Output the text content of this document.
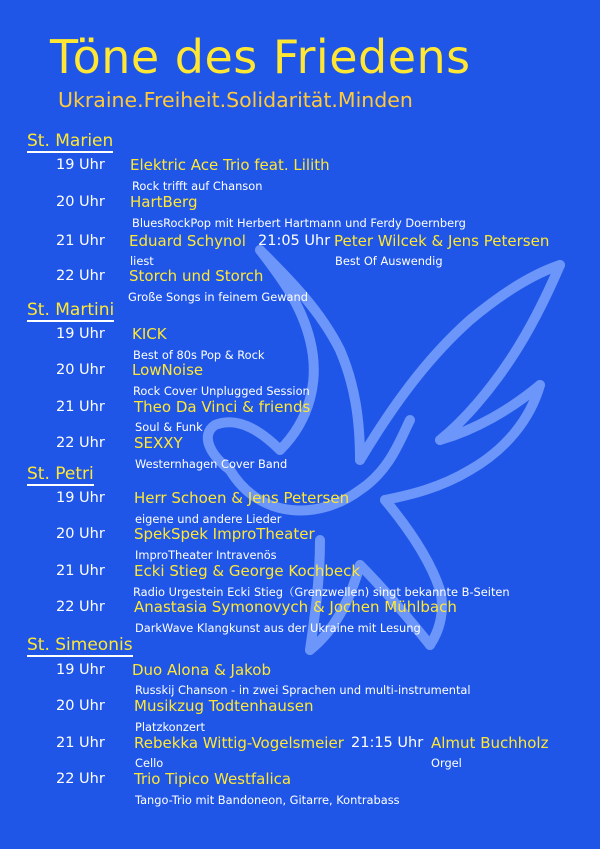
Töne des Friedens
Ukraine.Freiheit.Solidarität.Minden
St. Marien
19 Uhr Elektric Ace Trio feat. Lilith
Rock trifft auf Chanson
20 Uhr HartBerg
BluesRockPop mit Herbert Hartmann und Ferdy Doernberg
21 Uhr Eduard Schynol
liest
21:05 Uhr Peter Wilcek & Jens Petersen
Best Of Auswendig
22 Uhr Storch und Storch
Große Songs in feinem Gewand
St. Martini
19 Uhr KICK
Best of 80s Pop & Rock
20 Uhr LowNoise
Rock Cover Unplugged Session
21 Uhr Theo Da Vinci & friends
Soul & Funk
22 Uhr SEXXY
Westernhagen Cover Band
St. Petri
19 Uhr Herr Schoen & Jens Petersen
eigene und andere Lieder
20 Uhr SpekSpek ImproTheater
ImproTheater Intravenös
21 Uhr Ecki Stieg & George Kochbeck
Radio Urgestein Ecki Stieg（Grenzwellen) singt bekannte B-Seiten
22 Uhr Anastasia Symonovych & Jochen Mühlbach
DarkWave Klangkunst aus der Ukraine mit Lesung
St. Simeonis
19 Uhr Duo Alona & Jakob
Russkij Chanson - in zwei Sprachen und multi-instrumental
20 Uhr Musikzug Todtenhausen
Platzkonzert
21 Uhr Rebekka Wittig-Vogelsmeier
Cello
21:15 Uhr Almut Buchholz
Orgel
22 Uhr Trio Tipico Westfalica
Tango-Trio mit Bandoneon, Gitarre, Kontrabass
